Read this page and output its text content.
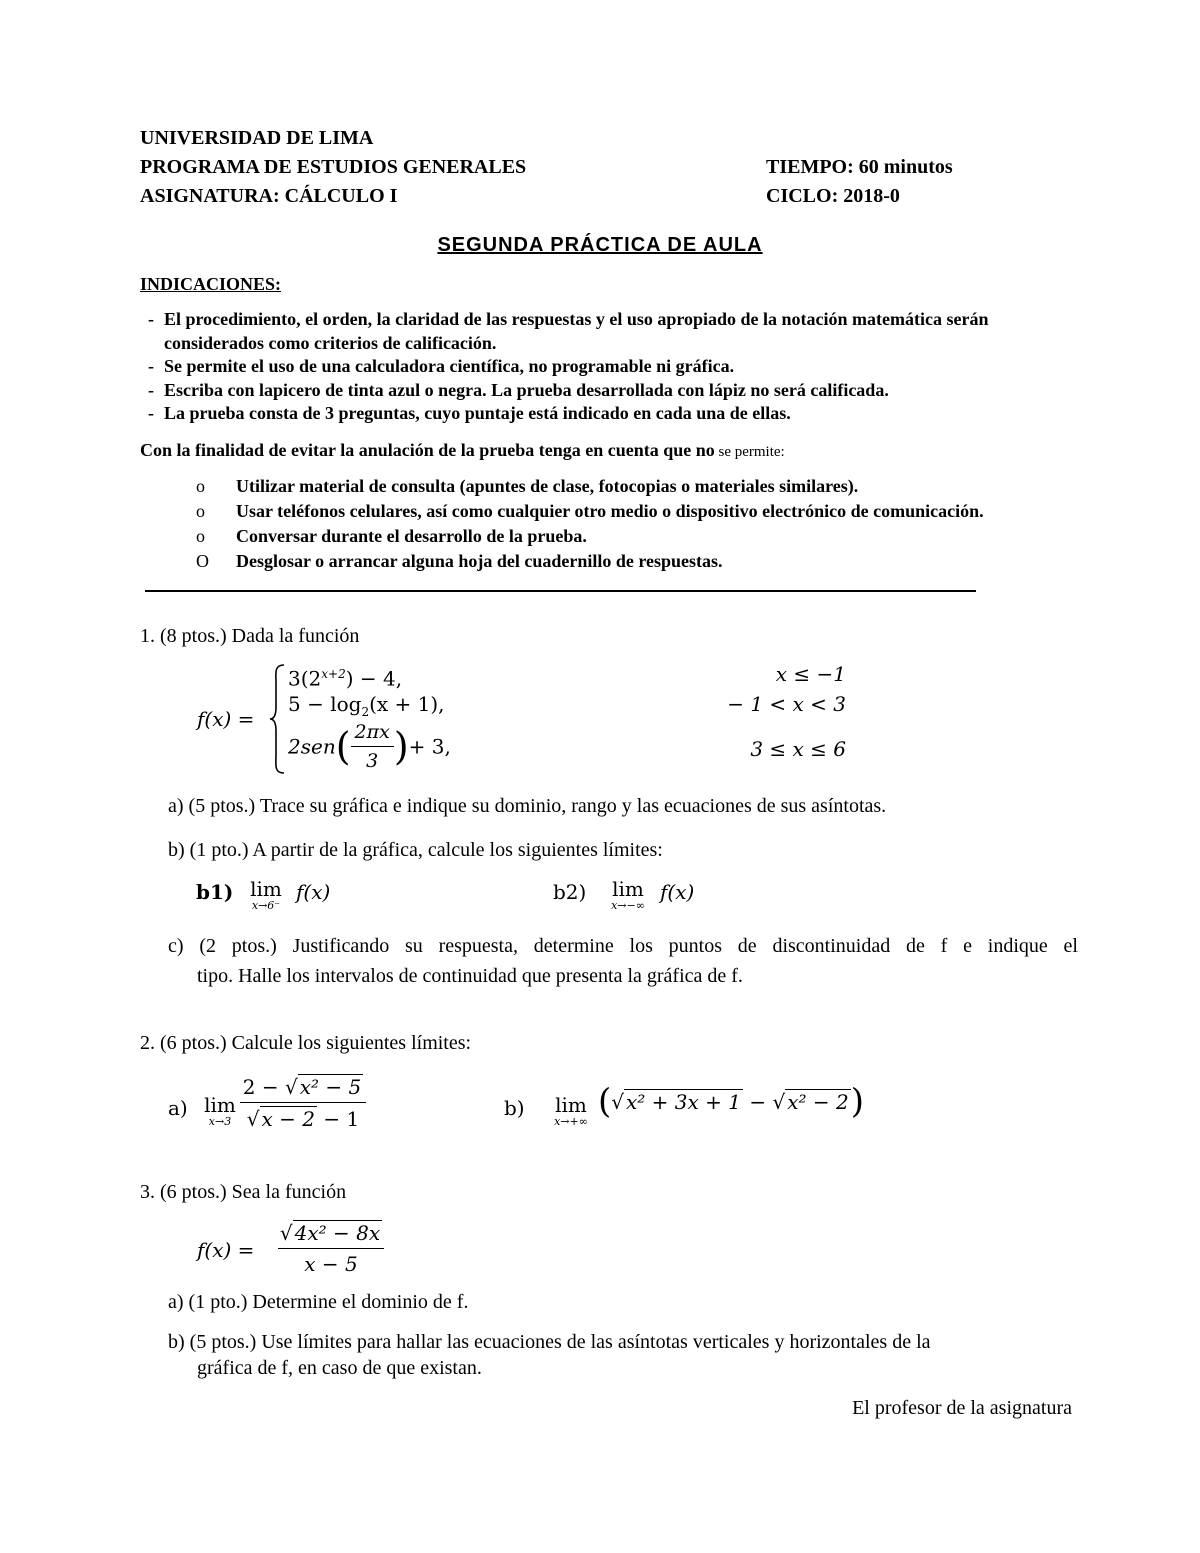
UNIVERSIDAD DE LIMA
PROGRAMA DE ESTUDIOS GENERALES
ASIGNATURA: CÁLCULO I
TIEMPO: 60 minutos
CICLO: 2018-0
SEGUNDA PRÁCTICA DE AULA
INDICACIONES:
- El procedimiento, el orden, la claridad de las respuestas y el uso apropiado de la notación matemática serán considerados como criterios de calificación.
- Se permite el uso de una calculadora científica, no programable ni gráfica.
- Escriba con lapicero de tinta azul o negra. La prueba desarrollada con lápiz no será calificada.
- La prueba consta de 3 preguntas, cuyo puntaje está indicado en cada una de ellas.
Con la finalidad de evitar la anulación de la prueba tenga en cuenta que no se permite:
o Utilizar material de consulta (apuntes de clase, fotocopias o materiales similares).
o Usar teléfonos celulares, así como cualquier otro medio o dispositivo electrónico de comunicación.
o Conversar durante el desarrollo de la prueba.
O Desglosar o arrancar alguna hoja del cuadernillo de respuestas.
1. (8 ptos.) Dada la función
f(x) =
$3(2^{x+2}) - 4$,	x ≤ −1
$5 - \log_2(x + 1)$,	− 1 < x < 3
$2sen( \frac{2\pi x}{3}$ )+ 3,	3 ≤ x ≤ 6
a) (5 ptos.) Trace su gráfica e indique su dominio, rango y las ecuaciones de sus asíntotas.
b) (1 pto.) A partir de la gráfica, calcule los siguientes límites:
b1) lim
x→6⁻
f(x)	b2)	lim
x→−∞
f(x)
c) (2 ptos.) Justificando su respuesta, determine los puntos de discontinuidad de f e indique el
tipo. Halle los intervalos de continuidad que presenta la gráfica de f.
2. (6 ptos.) Calcule los siguientes límites:
a) lim
$x\to 3 \frac{\text{2 − √ x² − 5}}{√ x - 2 - 1}$	b)	lim
x→+∞ (√ x² + 3x + 1 − √ x² − 2)
3. (6 ptos.) Sea la función
$f(x) = \frac{\text{√ 4x² − 8x}}{x - 5}$
a) (1 pto.) Determine el dominio de f.
b) (5 ptos.) Use límites para hallar las ecuaciones de las asíntotas verticales y horizontales de la
gráfica de f, en caso de que existan.
El profesor de la asignatura
